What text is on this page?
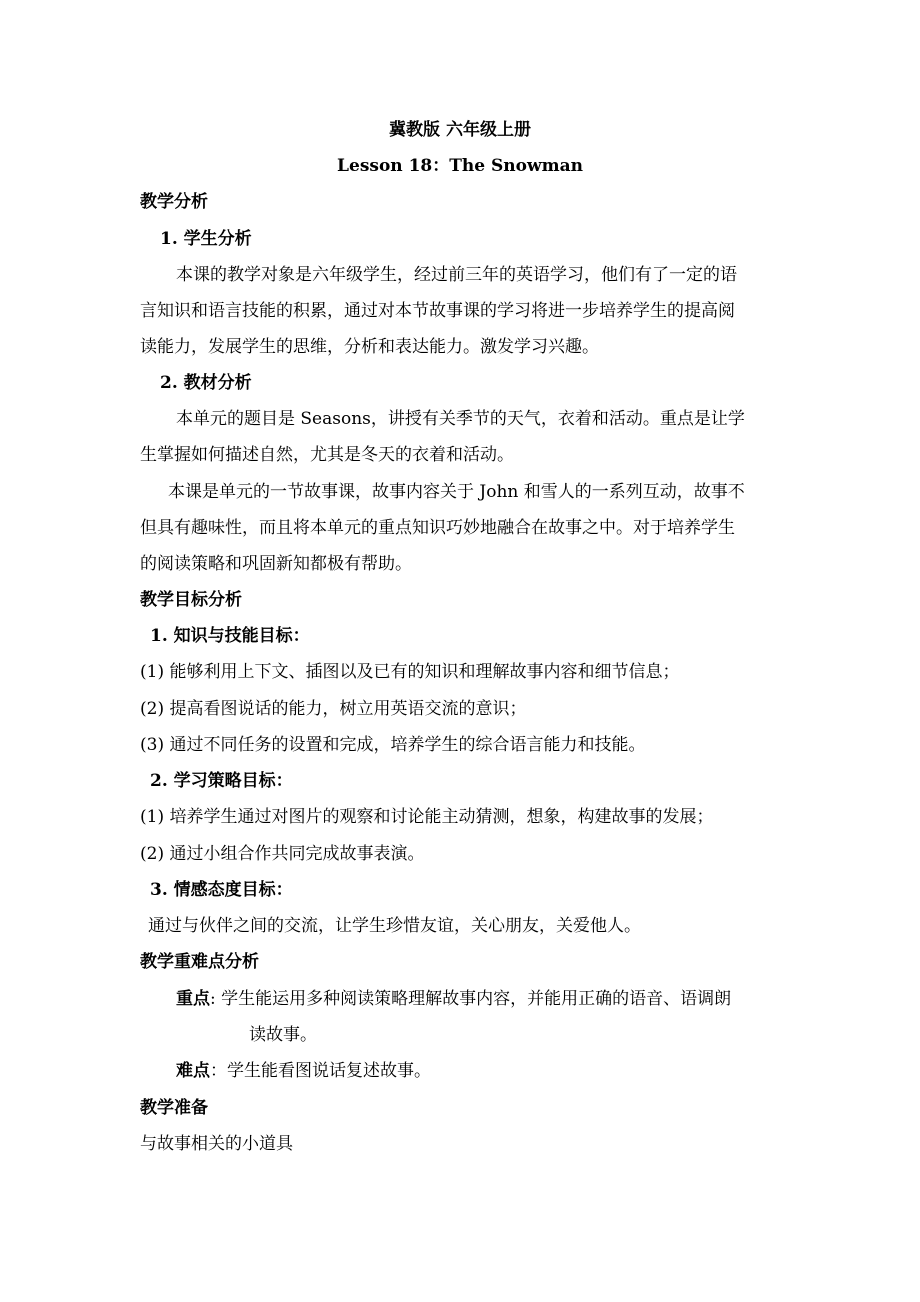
冀教版 六年级上册
Lesson 18：The Snowman
教学分析
1. 学生分析
本课的教学对象是六年级学生，经过前三年的英语学习，他们有了一定的语
言知识和语言技能的积累，通过对本节故事课的学习将进一步培养学生的提高阅
读能力，发展学生的思维，分析和表达能力。激发学习兴趣。
2. 教材分析
本单元的题目是 Seasons，讲授有关季节的天气，衣着和活动。重点是让学
生掌握如何描述自然，尤其是冬天的衣着和活动。
本课是单元的一节故事课，故事内容关于 John 和雪人的一系列互动，故事不
但具有趣味性，而且将本单元的重点知识巧妙地融合在故事之中。对于培养学生
的阅读策略和巩固新知都极有帮助。
教学目标分析
1. 知识与技能目标：
(1) 能够利用上下文、插图以及已有的知识和理解故事内容和细节信息；
(2) 提高看图说话的能力，树立用英语交流的意识；
(3) 通过不同任务的设置和完成，培养学生的综合语言能力和技能。
2. 学习策略目标：
(1) 培养学生通过对图片的观察和讨论能主动猜测，想象，构建故事的发展；
(2) 通过小组合作共同完成故事表演。
3. 情感态度目标：
通过与伙伴之间的交流，让学生珍惜友谊，关心朋友，关爱他人。
教学重难点分析
重点: 学生能运用多种阅读策略理解故事内容，并能用正确的语音、语调朗
读故事。
难点：学生能看图说话复述故事。
教学准备
与故事相关的小道具
